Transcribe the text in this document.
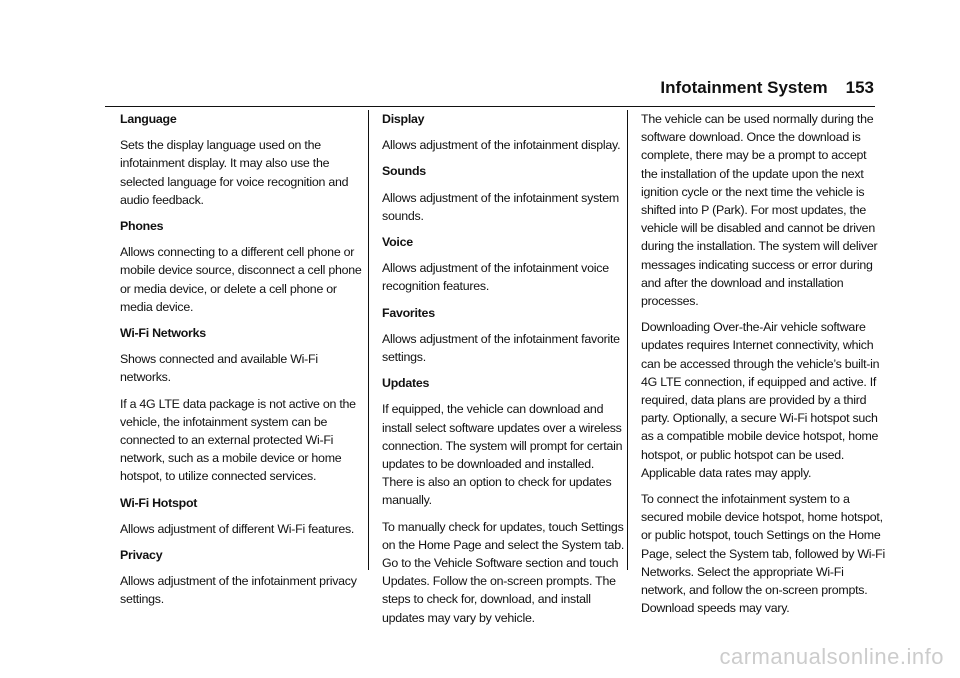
Infotainment System 153
Language

Sets the display language used on the infotainment display. It may also use the selected language for voice recognition and audio feedback.

Phones

Allows connecting to a different cell phone or mobile device source, disconnect a cell phone or media device, or delete a cell phone or media device.

Wi-Fi Networks

Shows connected and available Wi-Fi networks.

If a 4G LTE data package is not active on the vehicle, the infotainment system can be connected to an external protected Wi-Fi network, such as a mobile device or home hotspot, to utilize connected services.

Wi-Fi Hotspot

Allows adjustment of different Wi-Fi features.

Privacy

Allows adjustment of the infotainment privacy settings.

Display

Allows adjustment of the infotainment display.

Sounds

Allows adjustment of the infotainment system sounds.

Voice

Allows adjustment of the infotainment voice recognition features.

Favorites

Allows adjustment of the infotainment favorite settings.

Updates

If equipped, the vehicle can download and install select software updates over a wireless connection. The system will prompt for certain updates to be downloaded and installed. There is also an option to check for updates manually.

To manually check for updates, touch Settings on the Home Page and select the System tab. Go to the Vehicle Software section and touch Updates. Follow the on-screen prompts. The steps to check for, download, and install updates may vary by vehicle.

The vehicle can be used normally during the software download. Once the download is complete, there may be a prompt to accept the installation of the update upon the next ignition cycle or the next time the vehicle is shifted into P (Park). For most updates, the vehicle will be disabled and cannot be driven during the installation. The system will deliver messages indicating success or error during and after the download and installation processes.

Downloading Over-the-Air vehicle software updates requires Internet connectivity, which can be accessed through the vehicle’s built-in 4G LTE connection, if equipped and active. If required, data plans are provided by a third party. Optionally, a secure Wi-Fi hotspot such as a compatible mobile device hotspot, home hotspot, or public hotspot can be used. Applicable data rates may apply.

To connect the infotainment system to a secured mobile device hotspot, home hotspot, or public hotspot, touch Settings on the Home Page, select the System tab, followed by Wi-Fi Networks. Select the appropriate Wi-Fi network, and follow the on-screen prompts. Download speeds may vary.

carmanualsonline.info
